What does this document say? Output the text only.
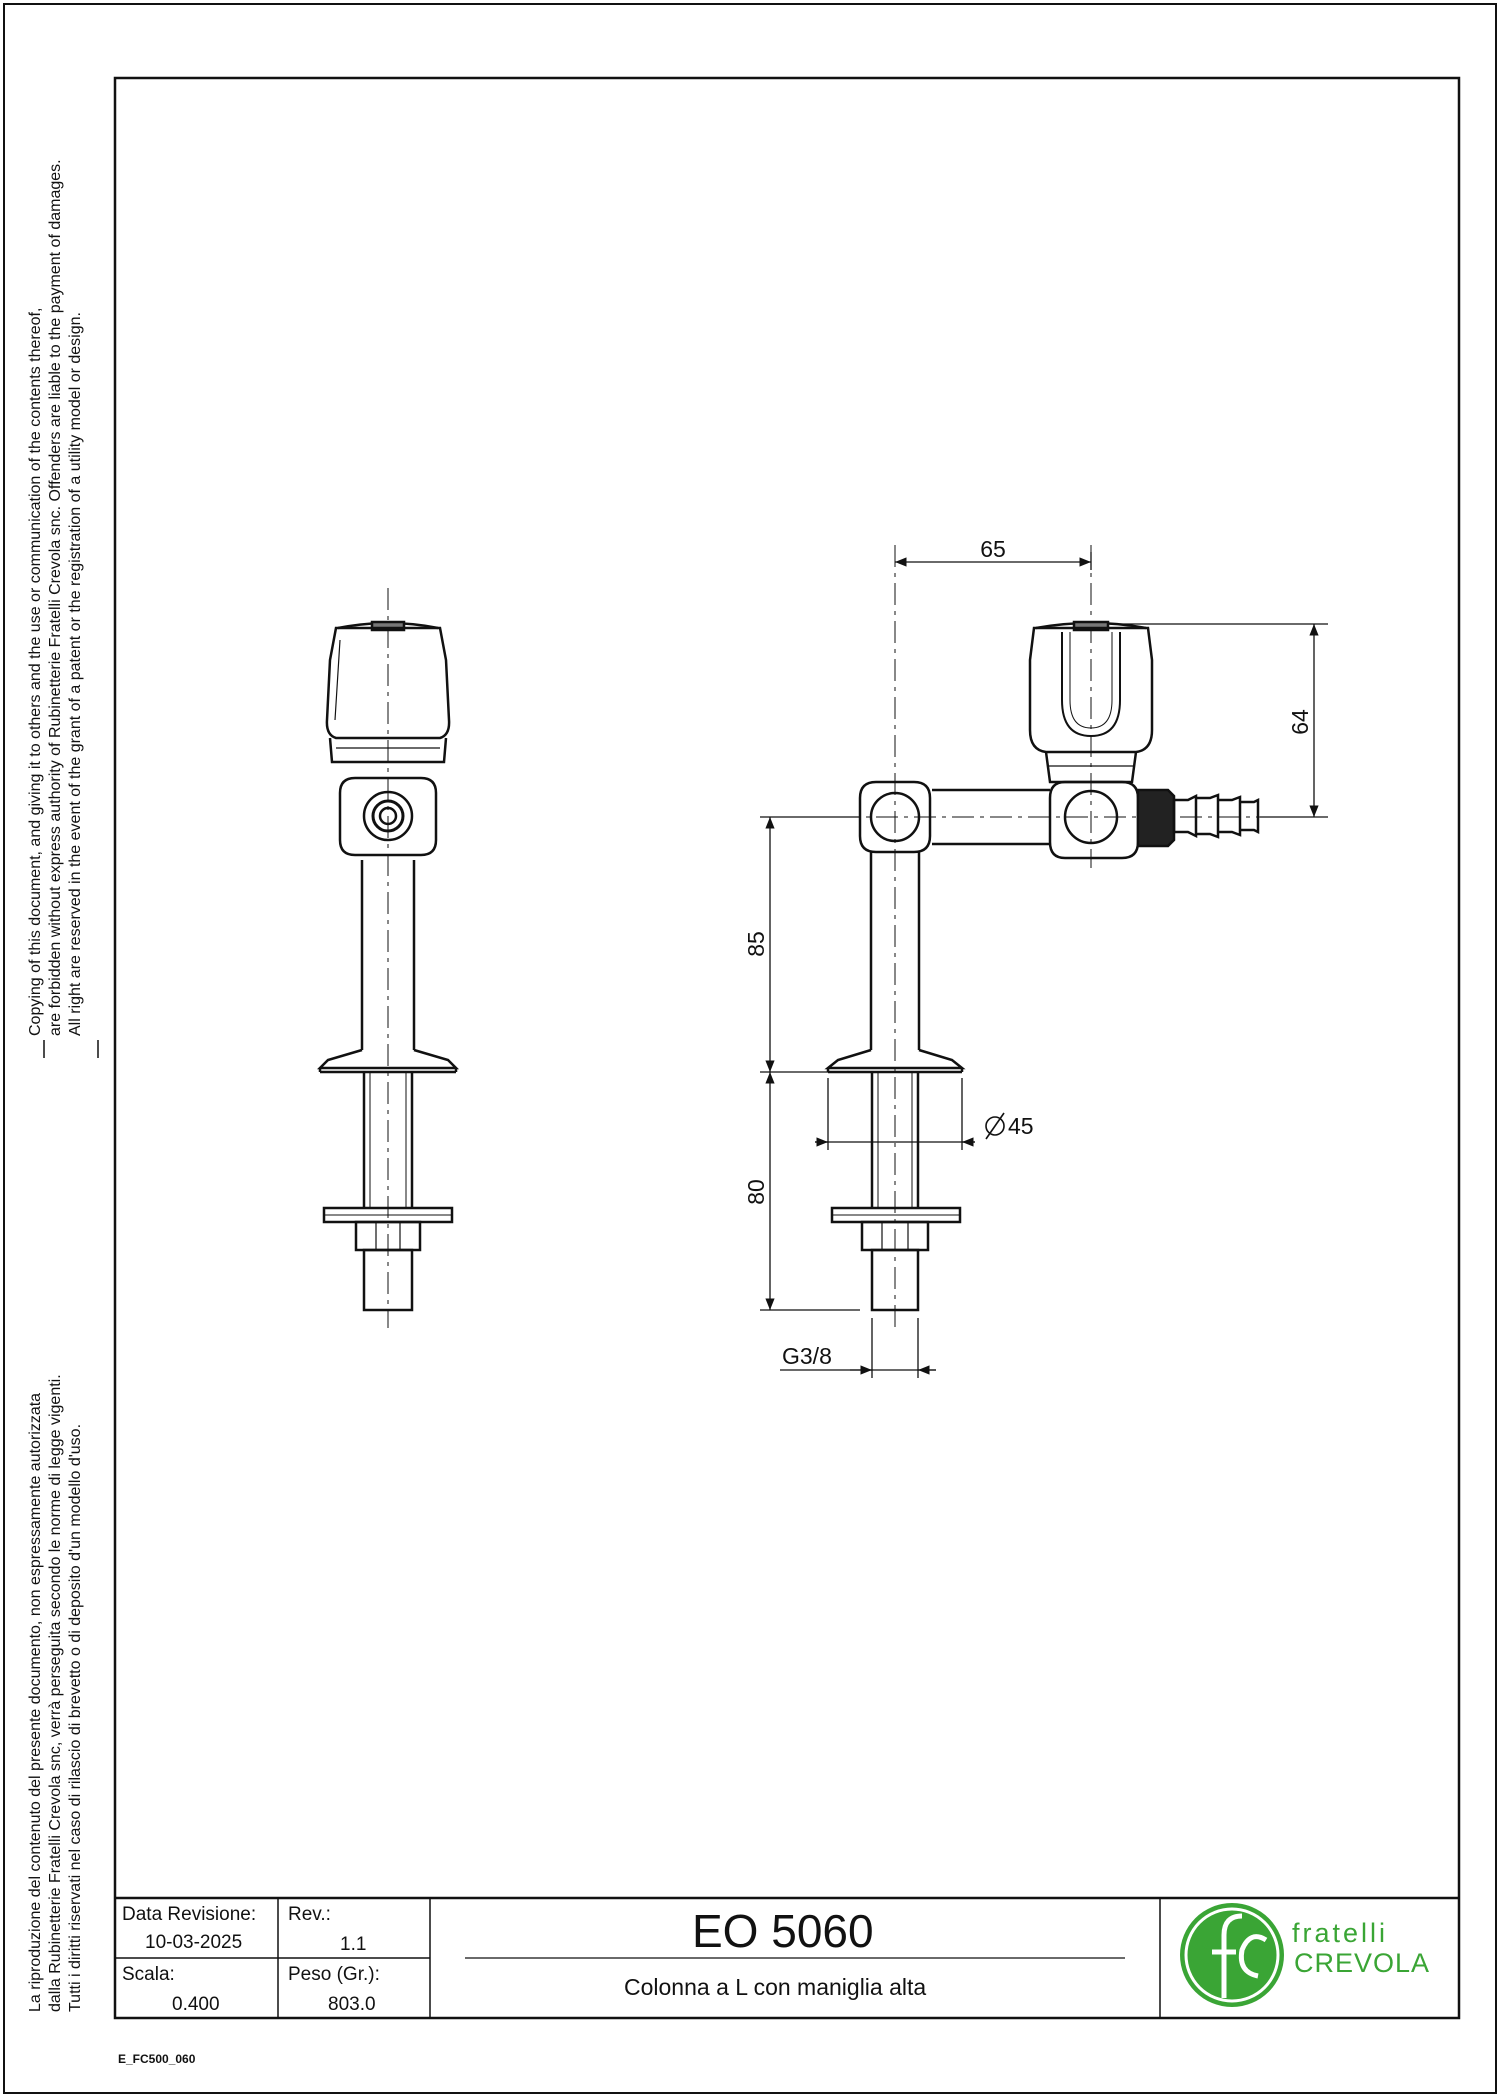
65
64
85
80
45
G3/8
Copying of this document, and giving it to others and the use or communication of the contents thereof, are forbidden without express authority of Rubinetterie Fratelli Crevola snc. Offenders are liable to the payment of damages. All right are reserved in the event of the grant of a patent or the registration of a utility model or design.
La riproduzione del contenuto del presente documento, non espressamente autorizzata dalla Rubinetterie Fratelli Crevola snc, verrà perseguita secondo le norme di legge vigenti. Tutti i diritti riservati nel caso di rilascio di brevetto o di deposito d'un modello d'uso. Data Revisione:
10-03-2025
Rev.:
1.1
Scala:
0.400
Peso (Gr.):
803.0
EO 5060
Colonna a L con maniglia alta
fratelli
CREVOLA
E_FC500_060
